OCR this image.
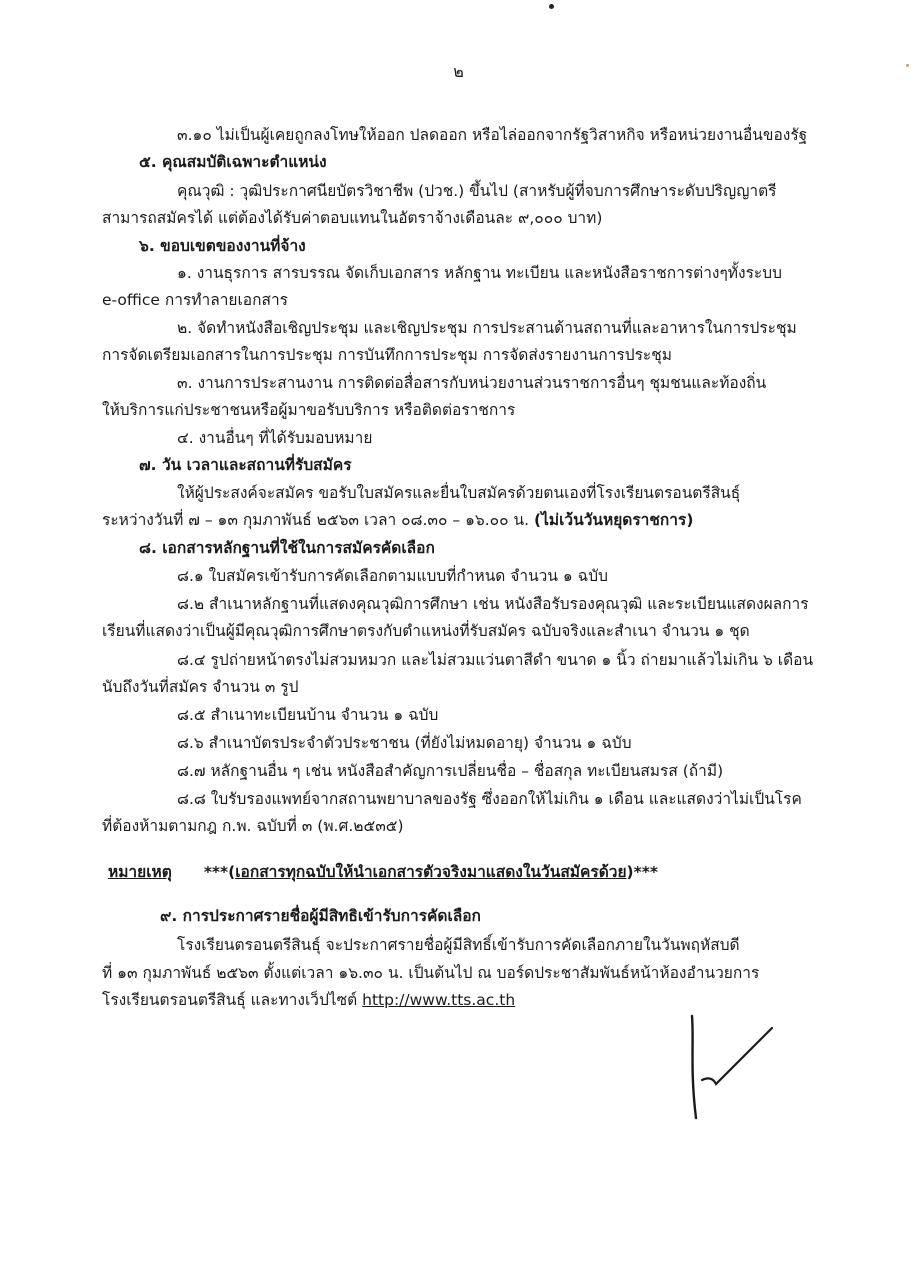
๒
๓.๑๐ ไม่เป็นผู้เคยถูกลงโทษให้ออก ปลดออก หรือไล่ออกจากรัฐวิสาหกิจ หรือหน่วยงานอื่นของรัฐ
๕. คุณสมบัติเฉพาะตำแหน่ง
คุณวุฒิ : วุฒิประกาศนียบัตรวิชาชีพ (ปวช.) ขึ้นไป (สาหรับผู้ที่จบการศึกษาระดับปริญญาตรี
สามารถสมัครได้ แต่ต้องได้รับค่าตอบแทนในอัตราจ้างเดือนละ ๙,๐๐๐ บาท)
๖. ขอบเขตของงานที่จ้าง
๑. งานธุรการ สารบรรณ จัดเก็บเอกสาร หลักฐาน ทะเบียน และหนังสือราชการต่างๆทั้งระบบ
e-office การทำลายเอกสาร
๒. จัดทำหนังสือเชิญประชุม และเชิญประชุม การประสานด้านสถานที่และอาหารในการประชุม
การจัดเตรียมเอกสารในการประชุม การบันทึกการประชุม การจัดส่งรายงานการประชุม
๓. งานการประสานงาน การติดต่อสื่อสารกับหน่วยงานส่วนราชการอื่นๆ ชุมชนและท้องถิ่น
ให้บริการแก่ประชาชนหรือผู้มาขอรับบริการ หรือติดต่อราชการ
๔. งานอื่นๆ ที่ได้รับมอบหมาย
๗. วัน เวลาและสถานที่รับสมัคร
ให้ผู้ประสงค์จะสมัคร ขอรับใบสมัครและยื่นใบสมัครด้วยตนเองที่โรงเรียนตรอนตรีสินธุ์
ระหว่างวันที่ ๗ – ๑๓ กุมภาพันธ์ ๒๕๖๓ เวลา ๐๘.๓๐ – ๑๖.๐๐ น. (ไม่เว้นวันหยุดราชการ)
๘. เอกสารหลักฐานที่ใช้ในการสมัครคัดเลือก
๘.๑ ใบสมัครเข้ารับการคัดเลือกตามแบบที่กำหนด จำนวน ๑ ฉบับ
๘.๒ สำเนาหลักฐานที่แสดงคุณวุฒิการศึกษา เช่น หนังสือรับรองคุณวุฒิ และระเบียนแสดงผลการ
เรียนที่แสดงว่าเป็นผู้มีคุณวุฒิการศึกษาตรงกับตำแหน่งที่รับสมัคร ฉบับจริงและสำเนา จำนวน ๑ ชุด
๘.๔ รูปถ่ายหน้าตรงไม่สวมหมวก และไม่สวมแว่นตาสีดำ ขนาด ๑ นิ้ว ถ่ายมาแล้วไม่เกิน ๖ เดือน
นับถึงวันที่สมัคร จำนวน ๓ รูป
๘.๕ สำเนาทะเบียนบ้าน จำนวน ๑ ฉบับ
๘.๖ สำเนาบัตรประจำตัวประชาชน (ที่ยังไม่หมดอายุ) จำนวน ๑ ฉบับ
๘.๗ หลักฐานอื่น ๆ เช่น หนังสือสำคัญการเปลี่ยนชื่อ – ชื่อสกุล ทะเบียนสมรส (ถ้ามี)
๘.๘ ใบรับรองแพทย์จากสถานพยาบาลของรัฐ ซึ่งออกให้ไม่เกิน ๑ เดือน และแสดงว่าไม่เป็นโรค
ที่ต้องห้ามตามกฎ ก.พ. ฉบับที่ ๓ (พ.ศ.๒๕๓๕)
หมายเหตุ ***(เอกสารทุกฉบับให้นำเอกสารตัวจริงมาแสดงในวันสมัครด้วย)***
๙. การประกาศรายชื่อผู้มีสิทธิเข้ารับการคัดเลือก
โรงเรียนตรอนตรีสินธุ์ จะประกาศรายชื่อผู้มีสิทธิ์เข้ารับการคัดเลือกภายในวันพฤหัสบดี
ที่ ๑๓ กุมภาพันธ์ ๒๕๖๓ ตั้งแต่เวลา ๑๖.๓๐ น. เป็นต้นไป ณ บอร์ดประชาสัมพันธ์หน้าห้องอำนวยการ
โรงเรียนตรอนตรีสินธุ์ และทางเว็ปไซต์ http://www.tts.ac.th
